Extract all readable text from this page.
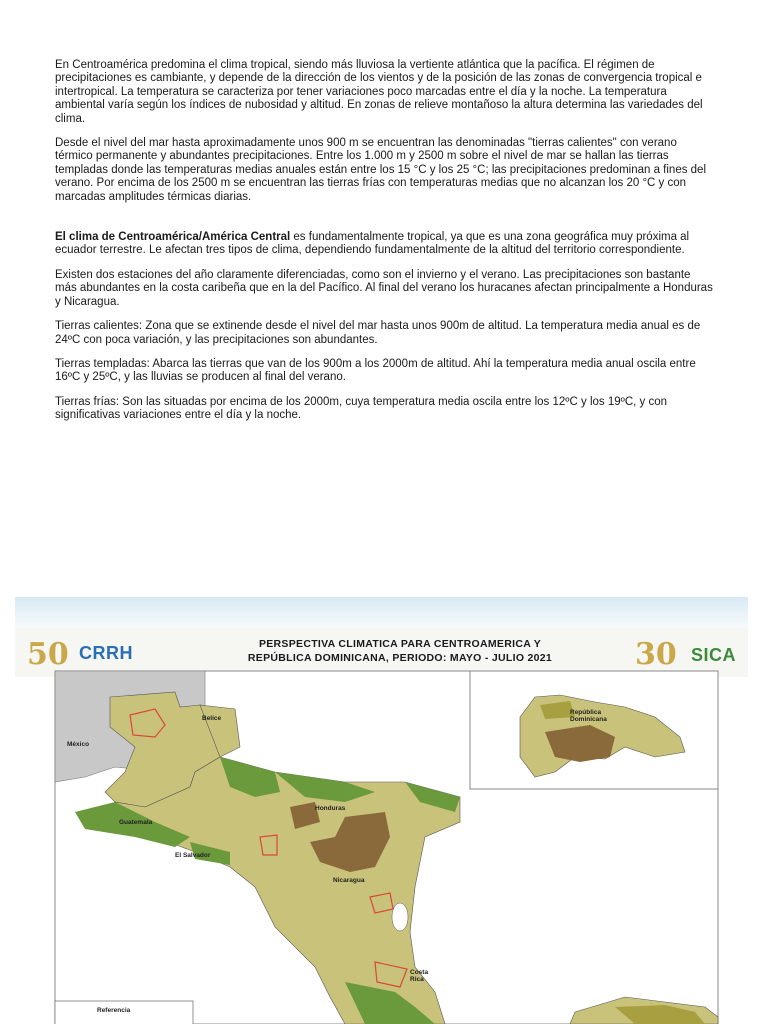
En Centroamérica predomina el clima tropical, siendo más lluviosa la vertiente atlántica que la pacífica. El régimen de precipitaciones es cambiante, y depende de la dirección de los vientos y de la posición de las zonas de convergencia tropical e intertropical. La temperatura se caracteriza por tener variaciones poco marcadas entre el día y la noche. La temperatura ambiental varía según los índices de nubosidad y altitud. En zonas de relieve montañoso la altura determina las variedades del clima.

Desde el nivel del mar hasta aproximadamente unos 900 m se encuentran las denominadas "tierras calientes" con verano térmico permanente y abundantes precipitaciones. Entre los 1.000 m y 2500 m sobre el nivel de mar se hallan las tierras templadas donde las temperaturas medias anuales están entre los 15 °C y los 25 °C; las precipitaciones predominan a fines del verano. Por encima de los 2500 m se encuentran las tierras frías con temperaturas medias que no alcanzan los 20 °C y con marcadas amplitudes térmicas diarias.

El clima de Centroamérica/América Central es fundamentalmente tropical, ya que es una zona geográfica muy próxima al ecuador terrestre. Le afectan tres tipos de clima, dependiendo fundamentalmente de la altitud del territorio correspondiente.

Existen dos estaciones del año claramente diferenciadas, como son el invierno y el verano. Las precipitaciones son bastante más abundantes en la costa caribeña que en la del Pacífico. Al final del verano los huracanes afectan principalmente a Honduras y Nicaragua.

Tierras calientes: Zona que se extinende desde el nivel del mar hasta unos 900m de altitud. La temperatura media anual es de 24ºC con poca variación, y las precipitaciones son abundantes.

Tierras templadas: Abarca las tierras que van de los 900m a los 2000m de altitud. Ahí la temperatura media anual oscila entre 16ºC y 25ºC, y las lluvias se producen al final del verano.

Tierras frías: Son las situadas por encima de los 2000m, cuya temperatura media oscila entre los 12ºC y los 19ºC, y con significativas variaciones entre el día y la noche.

50 CRRH	PERSPECTIVA CLIMATICA PARA CENTROAMERICA Y
REPÚBLICA DOMINICANA, PERIODO: MAYO - JULIO 2021	30 SICA
México
Belice
Guatemala
Honduras
El Salvador
Nicaragua
Costa Rica
República Dominicana
Referencia
